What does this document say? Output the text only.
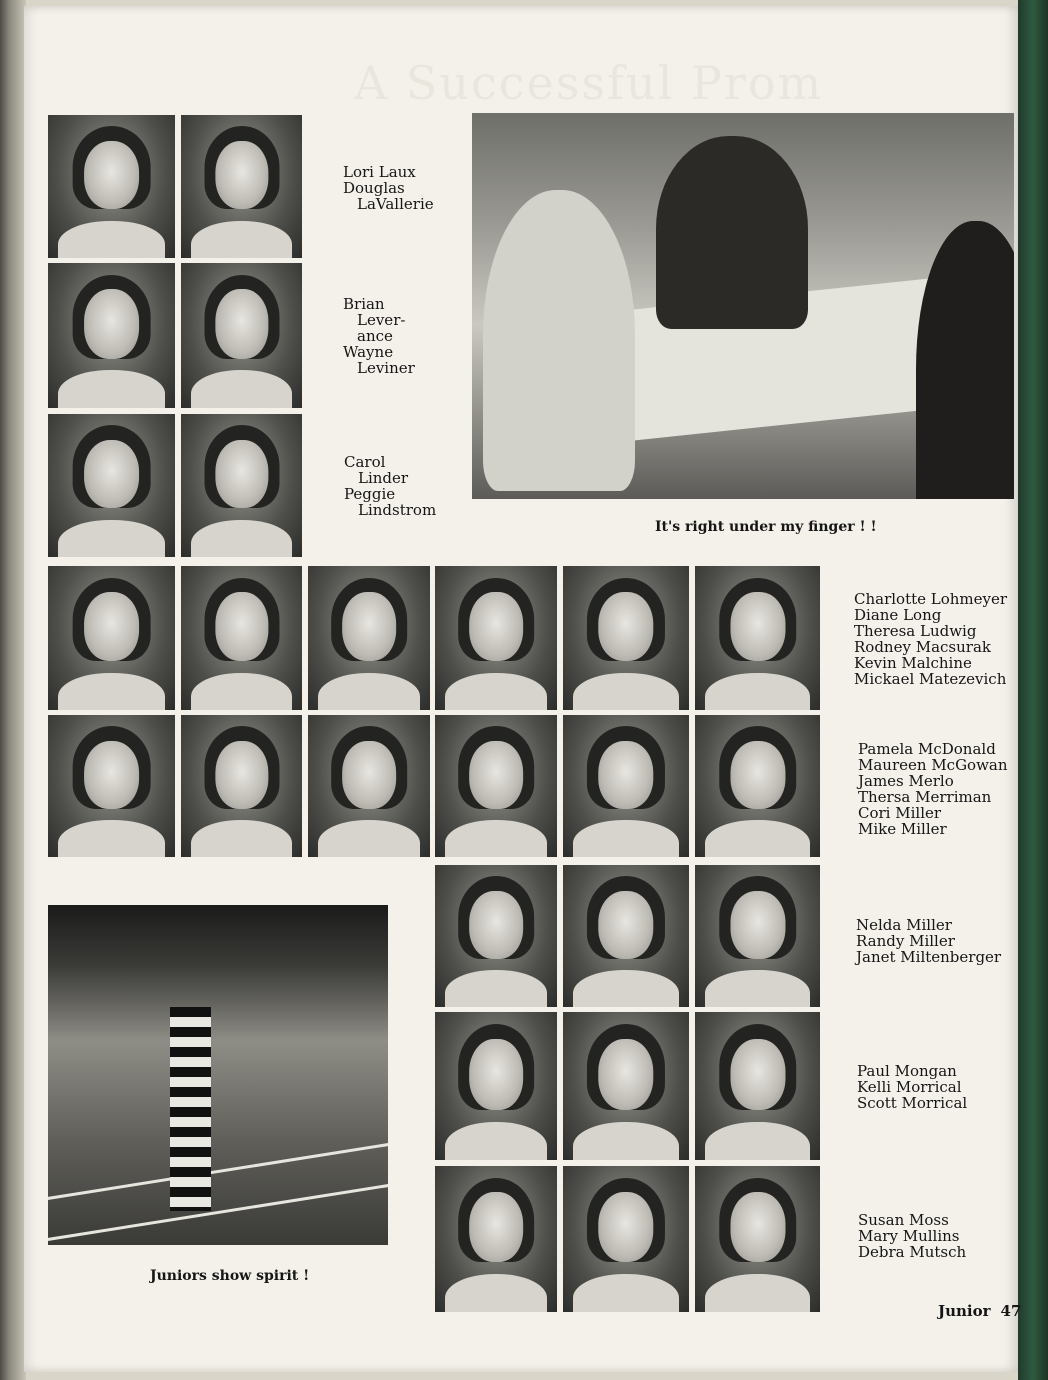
A Successful Prom
Lori Laux
Douglas
LaVallerie
Brian
Lever-
ance
Wayne
Leviner
Carol
Linder
Peggie
Lindstrom
It's right under my finger ! !
Charlotte Lohmeyer
Diane Long
Theresa Ludwig
Rodney Macsurak
Kevin Malchine
Mickael Matezevich
Pamela McDonald
Maureen McGowan
James Merlo
Thersa Merriman
Cori Miller
Mike Miller
Juniors show spirit !
Nelda Miller
Randy Miller
Janet Miltenberger
Paul Mongan
Kelli Morrical
Scott Morrical
Susan Moss
Mary Mullins
Debra Mutsch
Junior 47
